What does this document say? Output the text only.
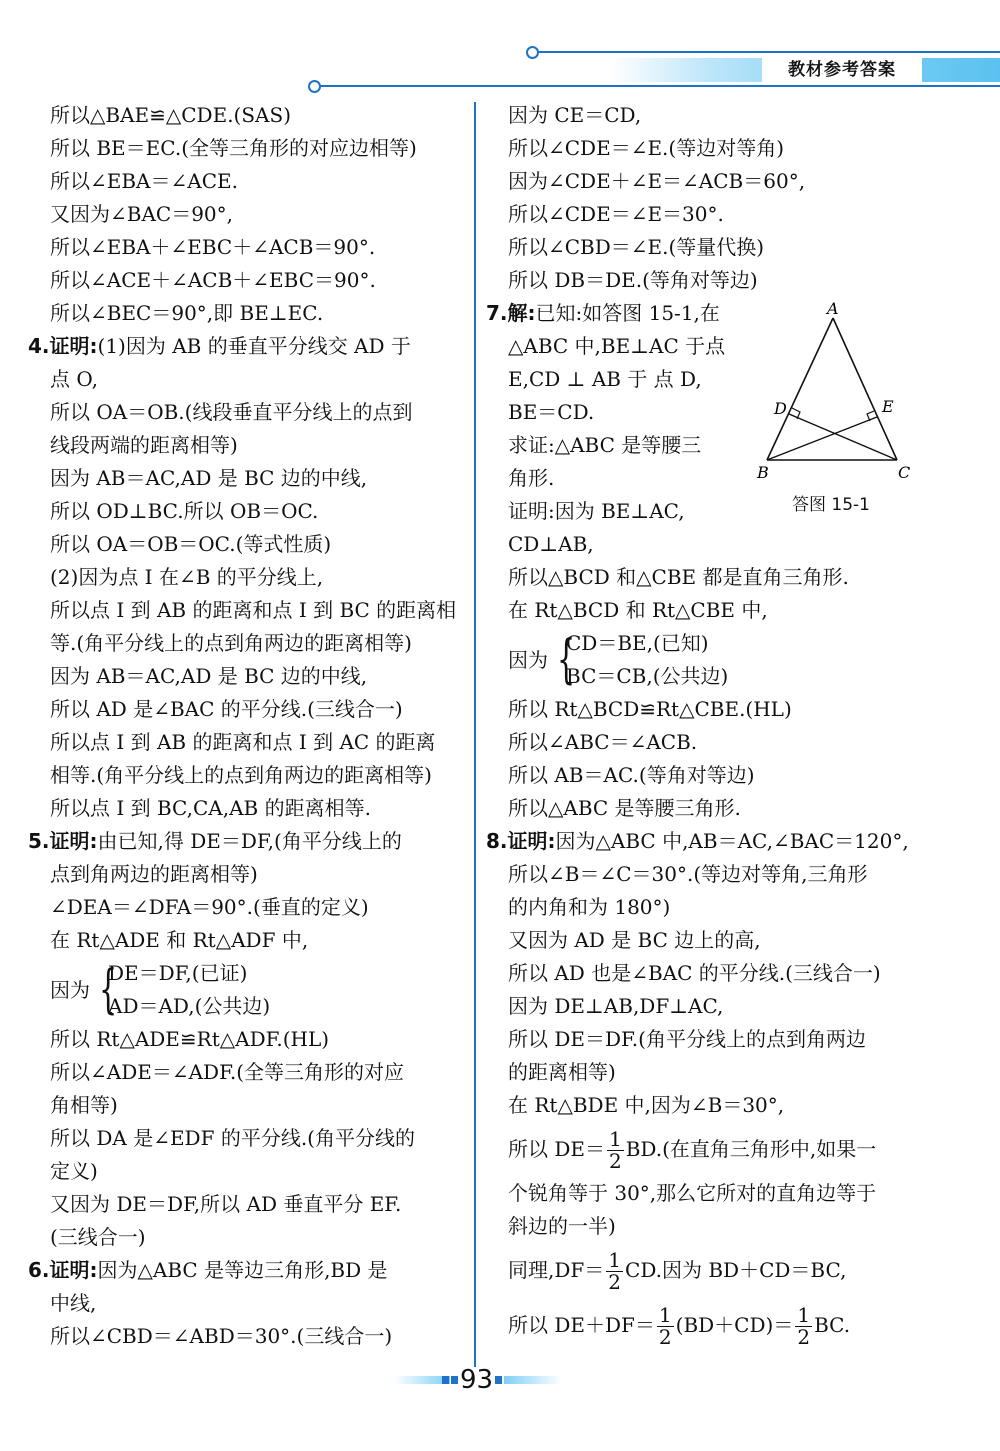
教材参考答案
所以△BAE≌△CDE.(SAS)
所以 BE＝EC.(全等三角形的对应边相等)
所以∠EBA＝∠ACE.
又因为∠BAC＝90°,
所以∠EBA＋∠EBC＋∠ACB＝90°.
所以∠ACE＋∠ACB＋∠EBC＝90°.
所以∠BEC＝90°,即 BE⊥EC.
4.证明:(1)因为 AB 的垂直平分线交 AD 于
点 O,
所以 OA＝OB.(线段垂直平分线上的点到
线段两端的距离相等)
因为 AB＝AC,AD 是 BC 边的中线,
所以 OD⊥BC.所以 OB＝OC.
所以 OA＝OB＝OC.(等式性质)
(2)因为点 I 在∠B 的平分线上,
所以点 I 到 AB 的距离和点 I 到 BC 的距离相
等.(角平分线上的点到角两边的距离相等)
因为 AB＝AC,AD 是 BC 边的中线,
所以 AD 是∠BAC 的平分线.(三线合一)
所以点 I 到 AB 的距离和点 I 到 AC 的距离
相等.(角平分线上的点到角两边的距离相等)
所以点 I 到 BC,CA,AB 的距离相等.
5.证明:由已知,得 DE＝DF,(角平分线上的
点到角两边的距离相等)
∠DEA＝∠DFA＝90°.(垂直的定义)
在 Rt△ADE 和 Rt△ADF 中,
因为 {
DE＝DF,(已证)
AD＝AD,(公共边)
所以 Rt△ADE≌Rt△ADF.(HL)
所以∠ADE＝∠ADF.(全等三角形的对应
角相等)
所以 DA 是∠EDF 的平分线.(角平分线的
定义)
又因为 DE＝DF,所以 AD 垂直平分 EF.
(三线合一)
6.证明:因为△ABC 是等边三角形,BD 是
中线,
所以∠CBD＝∠ABD＝30°.(三线合一)
因为 CE＝CD,
所以∠CDE＝∠E.(等边对等角)
因为∠CDE＋∠E＝∠ACB＝60°,
所以∠CDE＝∠E＝30°.
所以∠CBD＝∠E.(等量代换)
所以 DB＝DE.(等角对等边)
7.解:已知:如答图 15-1,在
△ABC 中,BE⊥AC 于点
E,CD ⊥ AB 于 点 D,
BE＝CD.
求证:△ABC 是等腰三
角形.
证明:因为 BE⊥AC,
CD⊥AB,
所以△BCD 和△CBE 都是直角三角形.
在 Rt△BCD 和 Rt△CBE 中,
因为 {
CD＝BE,(已知)
BC＝CB,(公共边)
所以 Rt△BCD≌Rt△CBE.(HL)
所以∠ABC＝∠ACB.
所以 AB＝AC.(等角对等边)
所以△ABC 是等腰三角形.
8.证明:因为△ABC 中,AB＝AC,∠BAC＝120°,
所以∠B＝∠C＝30°.(等边对等角,三角形
的内角和为 180°)
又因为 AD 是 BC 边上的高,
所以 AD 也是∠BAC 的平分线.(三线合一)
因为 DE⊥AB,DF⊥AC,
所以 DE＝DF.(角平分线上的点到角两边
的距离相等)
在 Rt△BDE 中,因为∠B＝30°,
所以 $DE= \frac{1}{2} BD$.(在直角三角形中,如果一
个锐角等于 30°,那么它所对的直角边等于
斜边的一半)
同理$,DF= \frac{1}{2}$ CD.因为 BD＋CD＝BC,
所以 $DE+DF= \frac{1}{2} (BD+CD)= \frac{1}{2}$ BC.
A
B	C
D	E
答图 15-1
93
